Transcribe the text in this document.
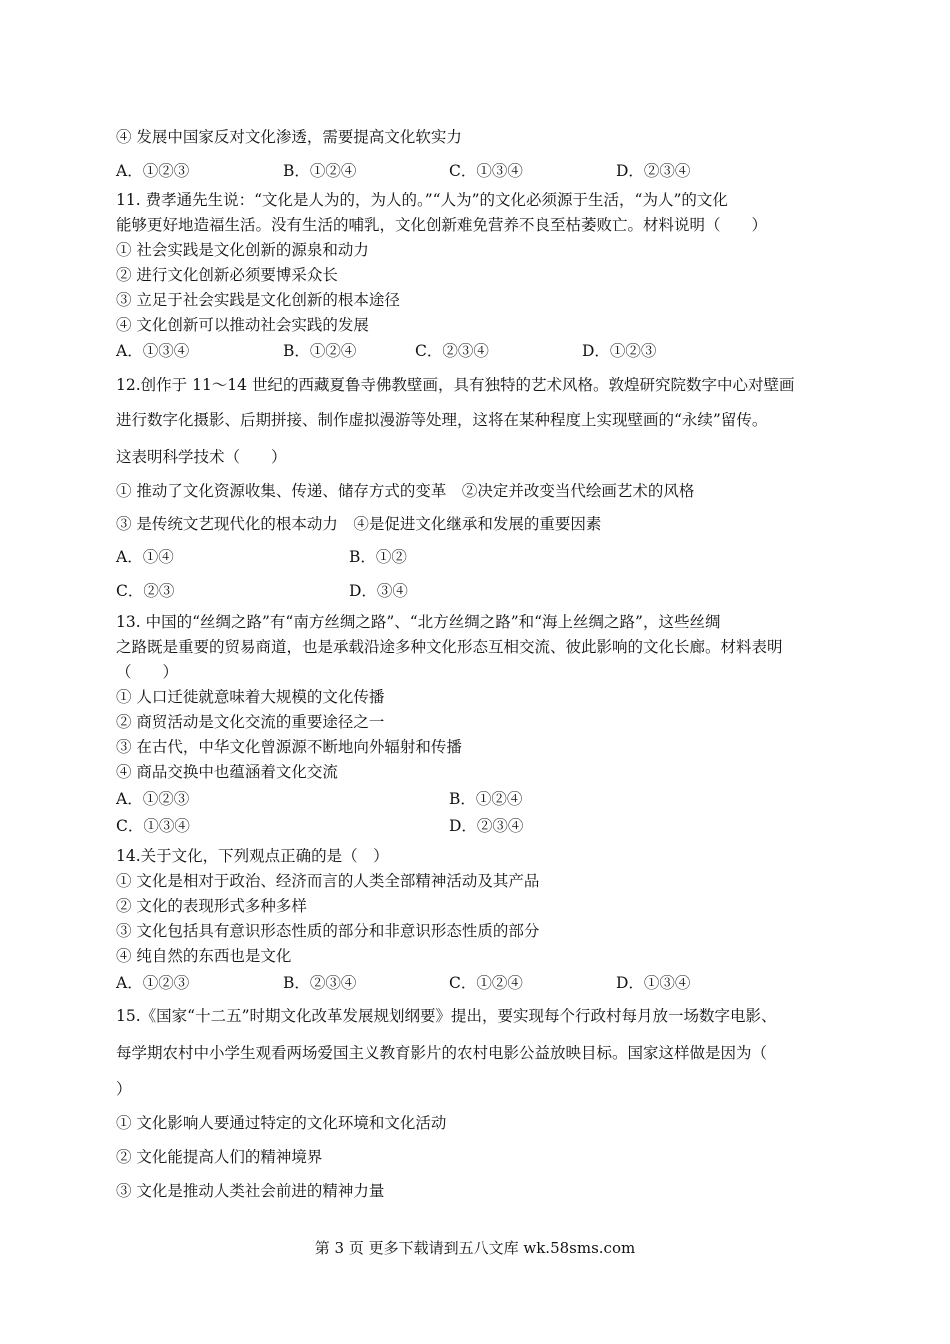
④ 发展中国家反对文化渗透，需要提高文化软实力
A．①②③	B．①②④	C．①③④	D．②③④
11. 费孝通先生说：“文化是人为的，为人的。”“人为”的文化必须源于生活，“为人”的文化
能够更好地造福生活。没有生活的哺乳，文化创新难免营养不良至枯萎败亡。材料说明（　　）
① 社会实践是文化创新的源泉和动力
② 进行文化创新必须要博采众长
③ 立足于社会实践是文化创新的根本途径
④ 文化创新可以推动社会实践的发展
A．①③④	B．①②④	C．②③④	D．①②③
12.创作于 11～14 世纪的西藏夏鲁寺佛教壁画，具有独特的艺术风格。敦煌研究院数字中心对壁画
进行数字化摄影、后期拼接、制作虚拟漫游等处理，这将在某种程度上实现壁画的“永续”留传。
这表明科学技术（　　）
① 推动了文化资源收集、传递、储存方式的变革　②决定并改变当代绘画艺术的风格
③ 是传统文艺现代化的根本动力　④是促进文化继承和发展的重要因素
A．①④	B．①②
C．②③	D．③④
13. 中国的“丝绸之路”有“南方丝绸之路”、“北方丝绸之路”和“海上丝绸之路”，这些丝绸
之路既是重要的贸易商道，也是承载沿途多种文化形态互相交流、彼此影响的文化长廊。材料表明
（　　）
① 人口迁徙就意味着大规模的文化传播
② 商贸活动是文化交流的重要途径之一
③ 在古代，中华文化曾源源不断地向外辐射和传播
④ 商品交换中也蕴涵着文化交流
A．①②③	B．①②④
C．①③④	D．②③④
14.关于文化，下列观点正确的是（　）
① 文化是相对于政治、经济而言的人类全部精神活动及其产品
② 文化的表现形式多种多样
③ 文化包括具有意识形态性质的部分和非意识形态性质的部分
④ 纯自然的东西也是文化
A．①②③	B．②③④	C．①②④	D．①③④
15.《国家“十二五”时期文化改革发展规划纲要》提出，要实现每个行政村每月放一场数字电影、
每学期农村中小学生观看两场爱国主义教育影片的农村电影公益放映目标。国家这样做是因为（
）
① 文化影响人要通过特定的文化环境和文化活动
② 文化能提高人们的精神境界
③ 文化是推动人类社会前进的精神力量
第 3 页 更多下载请到五八文库 wk.58sms.com
